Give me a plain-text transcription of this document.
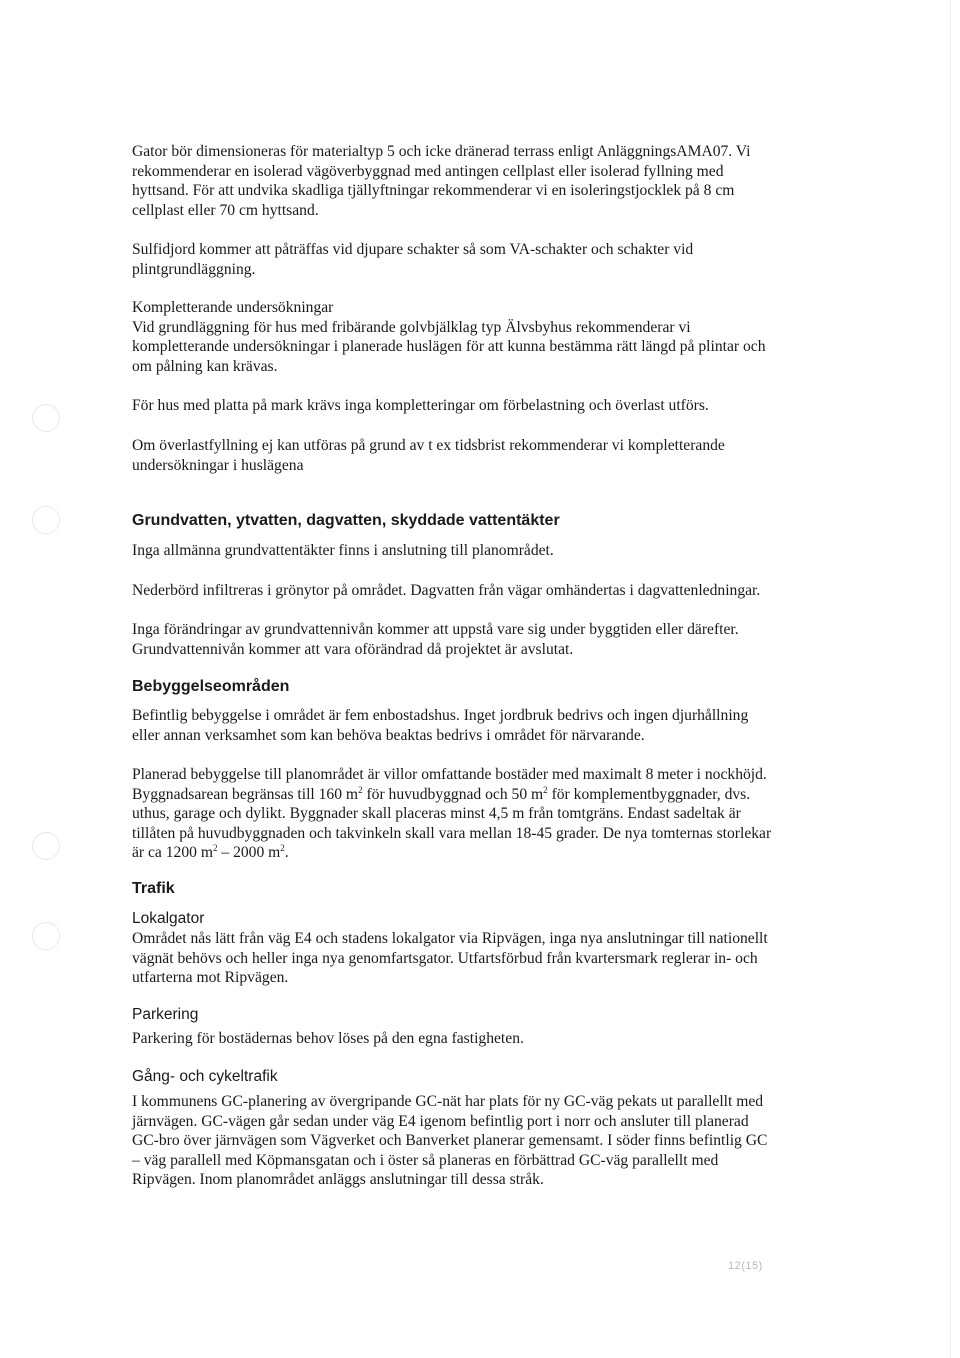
Gator bör dimensioneras för materialtyp 5 och icke dränerad terrass enligt AnläggningsAMA07. Vi
rekommenderar en isolerad vägöverbyggnad med antingen cellplast eller isolerad fyllning med
hyttsand. För att undvika skadliga tjällyftningar rekommenderar vi en isoleringstjocklek på 8 cm
cellplast eller 70 cm hyttsand.
Sulfidjord kommer att påträffas vid djupare schakter så som VA-schakter och schakter vid
plintgrundläggning.
Kompletterande undersökningar
Vid grundläggning för hus med fribärande golvbjälklag typ Älvsbyhus rekommenderar vi
kompletterande undersökningar i planerade huslägen för att kunna bestämma rätt längd på plintar och
om pålning kan krävas.
För hus med platta på mark krävs inga kompletteringar om förbelastning och överlast utförs.
Om överlastfyllning ej kan utföras på grund av t ex tidsbrist rekommenderar vi kompletterande
undersökningar i huslägena
Grundvatten, ytvatten, dagvatten, skyddade vattentäkter
Inga allmänna grundvattentäkter finns i anslutning till planområdet.
Nederbörd infiltreras i grönytor på området. Dagvatten från vägar omhändertas i dagvattenledningar.
Inga förändringar av grundvattennivån kommer att uppstå vare sig under byggtiden eller därefter.
Grundvattennivån kommer att vara oförändrad då projektet är avslutat.
Bebyggelseområden
Befintlig bebyggelse i området är fem enbostadshus. Inget jordbruk bedrivs och ingen djurhållning
eller annan verksamhet som kan behöva beaktas bedrivs i området för närvarande.
Planerad bebyggelse till planområdet är villor omfattande bostäder med maximalt 8 meter i nockhöjd.
Byggnadsarean begränsas till 160 $m^2$ för huvudbyggnad och 50 $m^2$ för komplementbyggnader, dvs.
uthus, garage och dylikt. Byggnader skall placeras minst 4,5 m från tomtgräns. Endast sadeltak är
tillåten på huvudbyggnaden och takvinkeln skall vara mellan 18-45 grader. De nya tomternas storlekar
är ca 1200 $m^2 - 2000$ $m^2$.
Trafik
Lokalgator
Området nås lätt från väg E4 och stadens lokalgator via Ripvägen, inga nya anslutningar till nationellt
vägnät behövs och heller inga nya genomfartsgator. Utfartsförbud från kvartersmark reglerar in- och
utfarterna mot Ripvägen.
Parkering
Parkering för bostädernas behov löses på den egna fastigheten.
Gång- och cykeltrafik
I kommunens GC-planering av övergripande GC-nät har plats för ny GC-väg pekats ut parallellt med
järnvägen. GC-vägen går sedan under väg E4 igenom befintlig port i norr och ansluter till planerad
GC-bro över järnvägen som Vägverket och Banverket planerar gemensamt. I söder finns befintlig GC
– väg parallell med Köpmansgatan och i öster så planeras en förbättrad GC-väg parallellt med
Ripvägen. Inom planområdet anläggs anslutningar till dessa stråk.
12(15)
